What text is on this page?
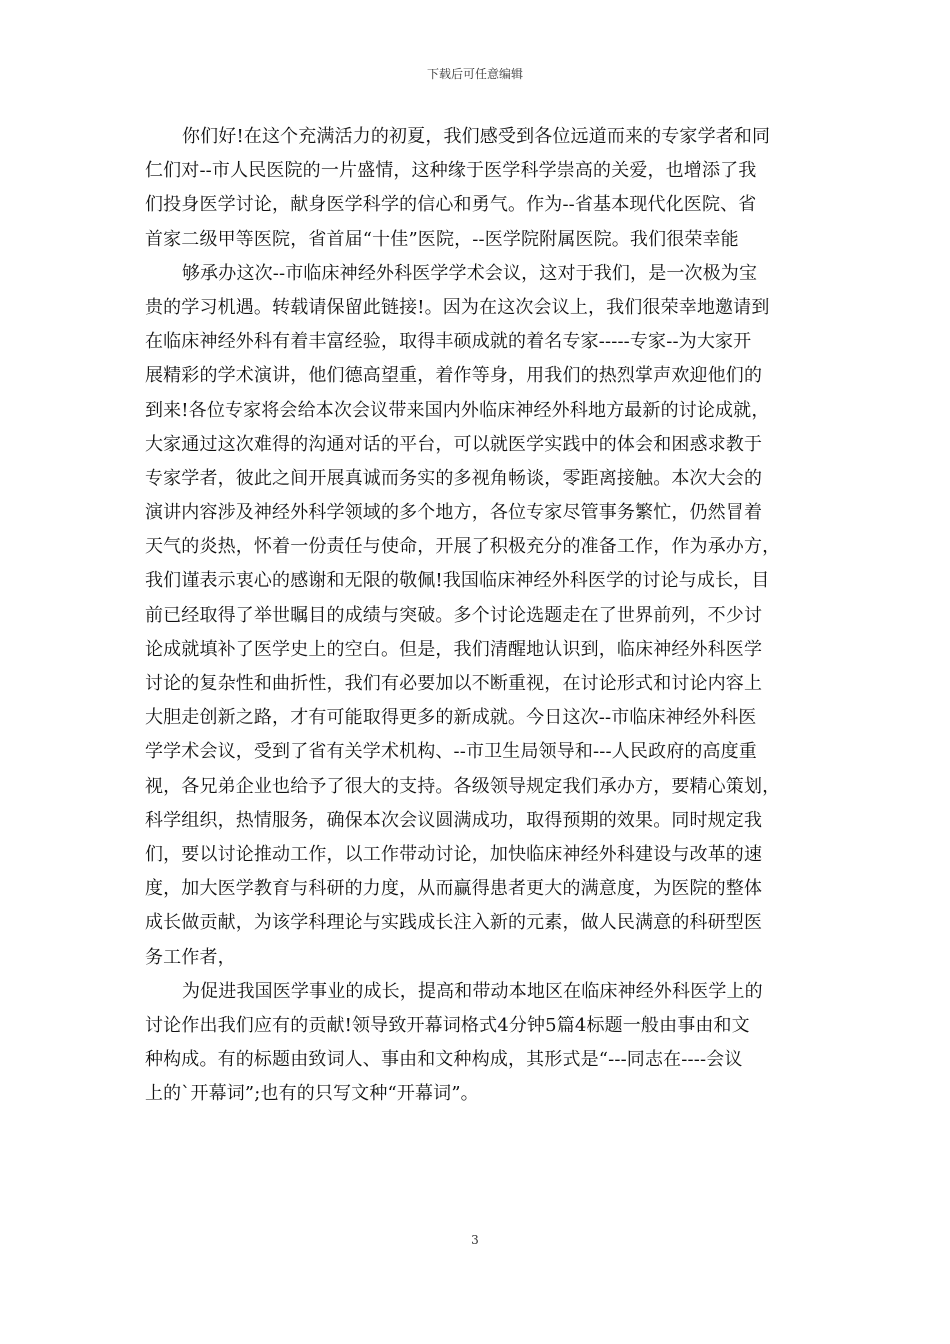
下载后可任意编辑
你们好!在这个充满活力的初夏，我们感受到各位远道而来的专家学者和同
仁们对--市人民医院的一片盛情，这种缘于医学科学崇高的关爱，也增添了我
们投身医学讨论，献身医学科学的信心和勇气。作为--省基本现代化医院、省
首家二级甲等医院，省首届“十佳”医院，--医学院附属医院。我们很荣幸能
够承办这次--市临床神经外科医学学术会议，这对于我们，是一次极为宝
贵的学习机遇。转载请保留此链接!。因为在这次会议上，我们很荣幸地邀请到
在临床神经外科有着丰富经验，取得丰硕成就的着名专家-----专家--为大家开
展精彩的学术演讲，他们德高望重，着作等身，用我们的热烈掌声欢迎他们的
到来!各位专家将会给本次会议带来国内外临床神经外科地方最新的讨论成就，
大家通过这次难得的沟通对话的平台，可以就医学实践中的体会和困惑求教于
专家学者，彼此之间开展真诚而务实的多视角畅谈，零距离接触。本次大会的
演讲内容涉及神经外科学领域的多个地方，各位专家尽管事务繁忙，仍然冒着
天气的炎热，怀着一份责任与使命，开展了积极充分的准备工作，作为承办方，
我们谨表示衷心的感谢和无限的敬佩!我国临床神经外科医学的讨论与成长，目
前已经取得了举世瞩目的成绩与突破。多个讨论选题走在了世界前列，不少讨
论成就填补了医学史上的空白。但是，我们清醒地认识到，临床神经外科医学
讨论的复杂性和曲折性，我们有必要加以不断重视，在讨论形式和讨论内容上
大胆走创新之路，才有可能取得更多的新成就。今日这次--市临床神经外科医
学学术会议，受到了省有关学术机构、--市卫生局领导和---人民政府的高度重
视，各兄弟企业也给予了很大的支持。各级领导规定我们承办方，要精心策划，
科学组织，热情服务，确保本次会议圆满成功，取得预期的效果。同时规定我
们，要以讨论推动工作，以工作带动讨论，加快临床神经外科建设与改革的速
度，加大医学教育与科研的力度，从而赢得患者更大的满意度，为医院的整体
成长做贡献，为该学科理论与实践成长注入新的元素，做人民满意的科研型医
务工作者，
为促进我国医学事业的成长，提高和带动本地区在临床神经外科医学上的
讨论作出我们应有的贡献!领导致开幕词格式4分钟5篇4标题一般由事由和文
种构成。有的标题由致词人、事由和文种构成，其形式是“---同志在----会议
上的`开幕词”;也有的只写文种“开幕词”。
3
